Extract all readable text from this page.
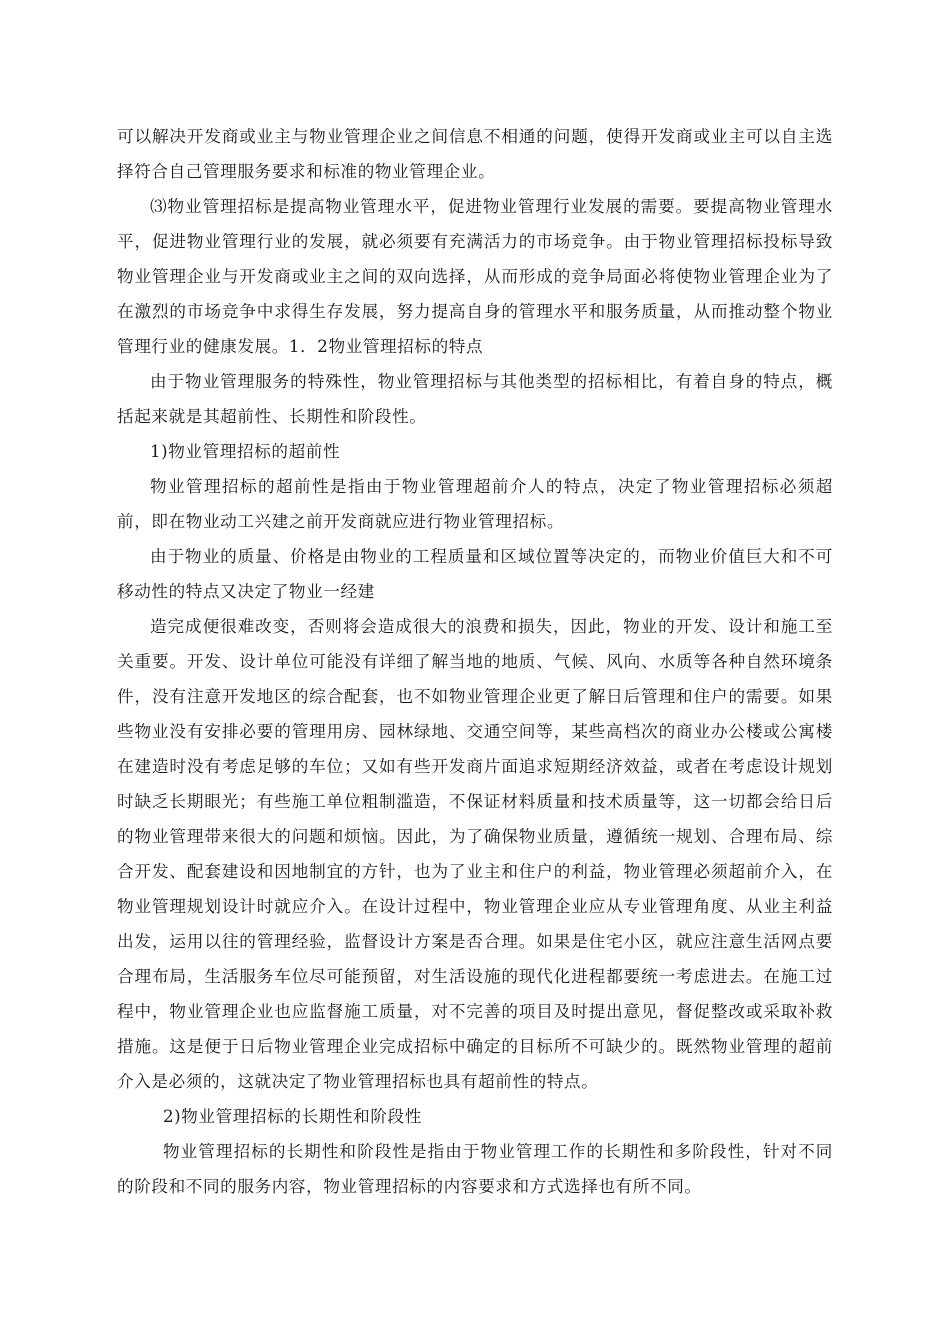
可以解决开发商或业主与物业管理企业之间信息不相通的问题，使得开发商或业主可以自主选择符合自己管理服务要求和标准的物业管理企业。

⑶物业管理招标是提高物业管理水平，促进物业管理行业发展的需要。要提高物业管理水平，促进物业管理行业的发展，就必须要有充满活力的市场竞争。由于物业管理招标投标导致物业管理企业与开发商或业主之间的双向选择，从而形成的竞争局面必将使物业管理企业为了在激烈的市场竞争中求得生存发展，努力提高自身的管理水平和服务质量，从而推动整个物业管理行业的健康发展。1．2物业管理招标的特点

由于物业管理服务的特殊性，物业管理招标与其他类型的招标相比，有着自身的特点，概括起来就是其超前性、长期性和阶段性。

1)物业管理招标的超前性

物业管理招标的超前性是指由于物业管理超前介人的特点，决定了物业管理招标必须超前，即在物业动工兴建之前开发商就应进行物业管理招标。

由于物业的质量、价格是由物业的工程质量和区域位置等决定的，而物业价值巨大和不可移动性的特点又决定了物业一经建

造完成便很难改变，否则将会造成很大的浪费和损失，因此，物业的开发、设计和施工至关重要。开发、设计单位可能没有详细了解当地的地质、气候、风向、水质等各种自然环境条件，没有注意开发地区的综合配套，也不如物业管理企业更了解日后管理和住户的需要。如果些物业没有安排必要的管理用房、园林绿地、交通空间等，某些高档次的商业办公楼或公寓楼在建造时没有考虑足够的车位；又如有些开发商片面追求短期经济效益，或者在考虑设计规划时缺乏长期眼光；有些施工单位粗制滥造，不保证材料质量和技术质量等，这一切都会给日后的物业管理带来很大的问题和烦恼。因此，为了确保物业质量，遵循统一规划、合理布局、综合开发、配套建设和因地制宜的方针，也为了业主和住户的利益，物业管理必须超前介入，在物业管理规划设计时就应介入。在设计过程中，物业管理企业应从专业管理角度、从业主利益出发，运用以往的管理经验，监督设计方案是否合理。如果是住宅小区，就应注意生活网点要合理布局，生活服务车位尽可能预留，对生活设施的现代化进程都要统一考虑进去。在施工过程中，物业管理企业也应监督施工质量，对不完善的项目及时提出意见，督促整改或采取补救措施。这是便于日后物业管理企业完成招标中确定的目标所不可缺少的。既然物业管理的超前介入是必须的，这就决定了物业管理招标也具有超前性的特点。

2)物业管理招标的长期性和阶段性

物业管理招标的长期性和阶段性是指由于物业管理工作的长期性和多阶段性，针对不同的阶段和不同的服务内容，物业管理招标的内容要求和方式选择也有所不同。
